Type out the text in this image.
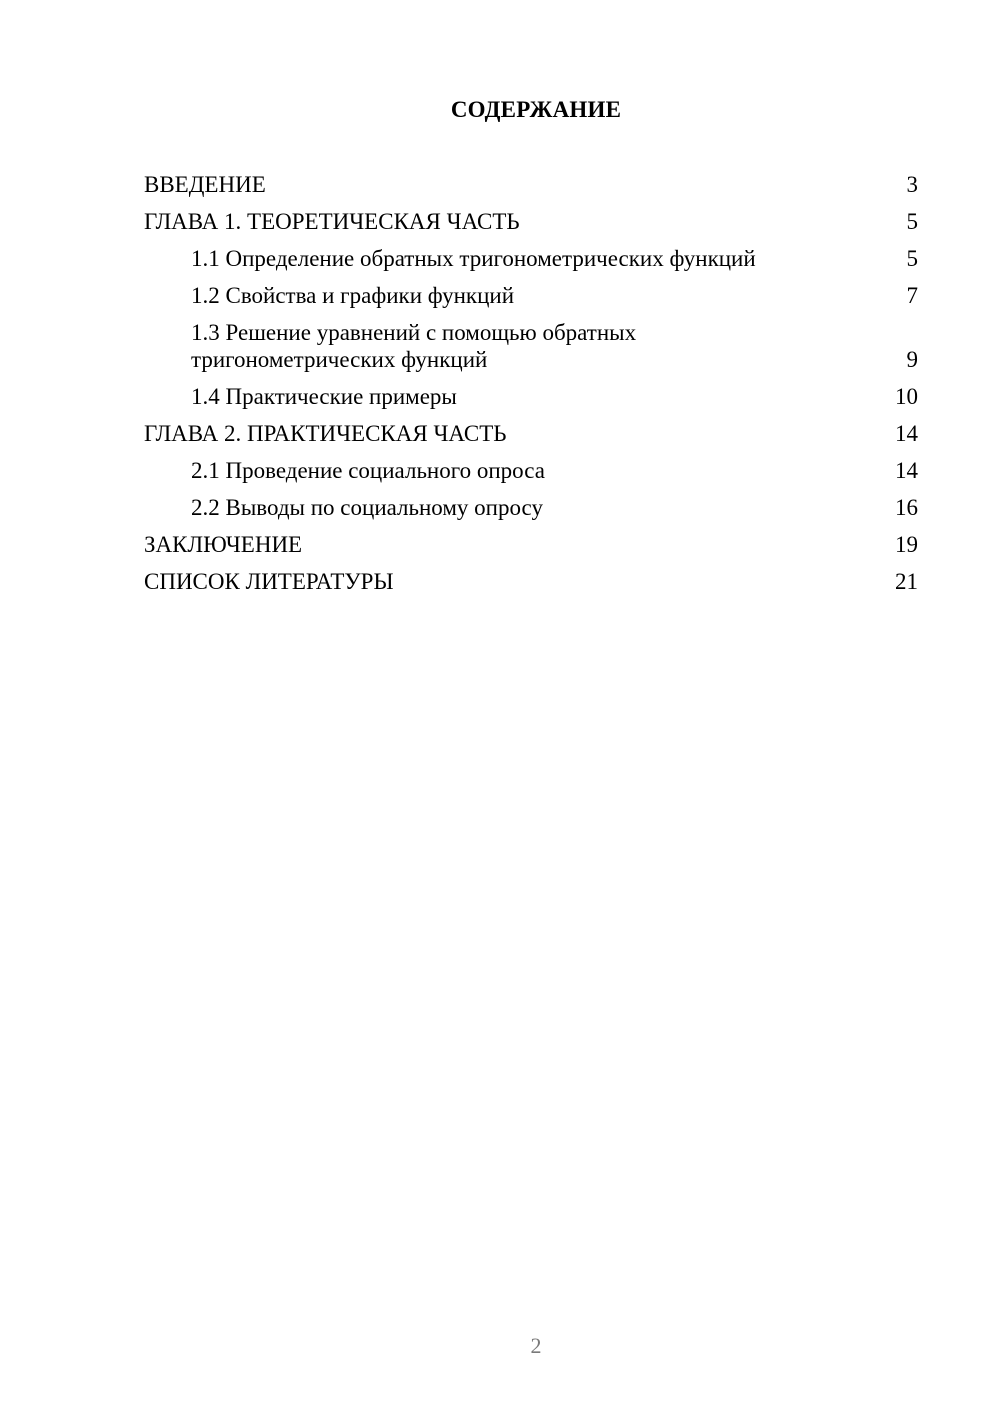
СОДЕРЖАНИЕ
ВВЕДЕНИЕ	3
ГЛАВА 1. ТЕОРЕТИЧЕСКАЯ ЧАСТЬ	5
1.1 Определение обратных тригонометрических функций	5
1.2 Свойства и графики функций	7
1.3 Решение уравнений с помощью обратных тригонометрических функций	9
1.4 Практические примеры	10
ГЛАВА 2. ПРАКТИЧЕСКАЯ ЧАСТЬ	14
2.1 Проведение социального опроса	14
2.2 Выводы по социальному опросу	16
ЗАКЛЮЧЕНИЕ	19
СПИСОК ЛИТЕРАТУРЫ	21
2
